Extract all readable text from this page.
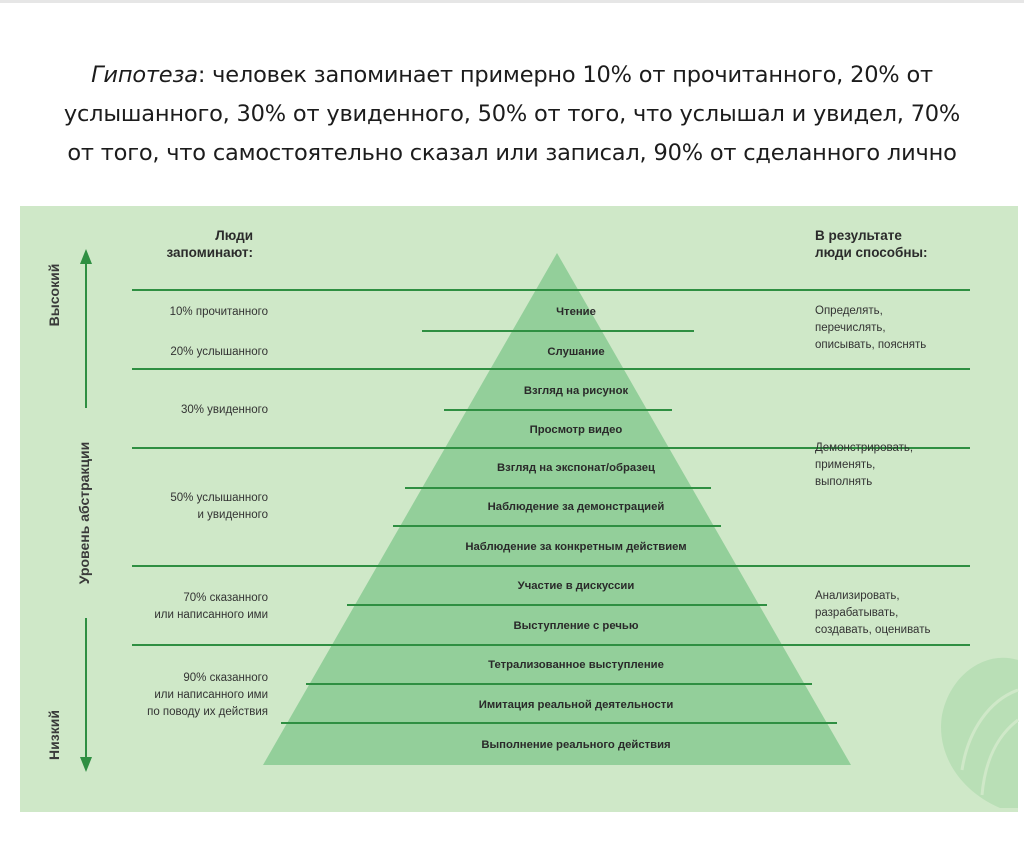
Гипотеза: человек запоминает примерно 10% от прочитанного, 20% от
услышанного, 30% от увиденного, 50% от того, что услышал и увидел, 70%
от того, что самостоятельно сказал или записал, 90% от сделанного лично
Люди
запоминают:
В результате
люди способны:
Высокий
Уровень абстракции
Низкий
10% прочитанного
20% услышанного
30% увиденного
50% услышанного
и увиденного
70% сказанного
или написанного ими
90% сказанного
или написанного ими
по поводу их действия
Чтение
Слушание
Взгляд на рисунок
Просмотр видео
Взгляд на экспонат/образец
Наблюдение за демонстрацией
Наблюдение за конкретным действием
Участие в дискуссии
Выступление с речью
Тетрализованное выступление
Имитация реальной деятельности
Выполнение реального действия
Определять,
перечислять,
описывать, пояснять
Демонстрировать,
применять,
выполнять
Анализировать,
разрабатывать,
создавать, оценивать
